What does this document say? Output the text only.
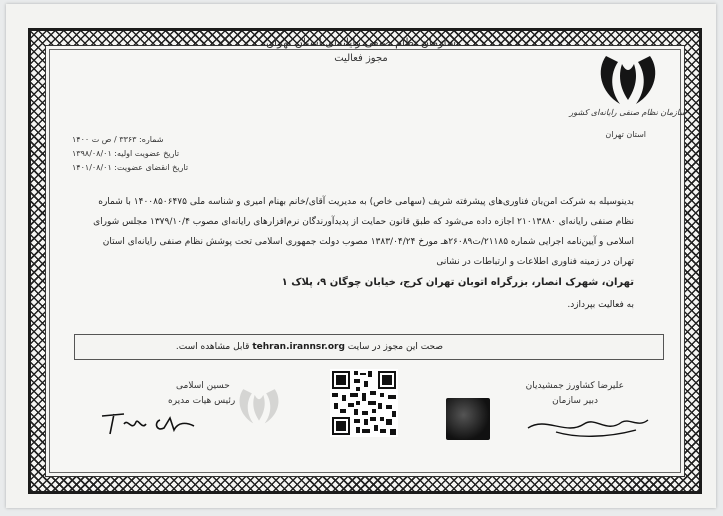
سازمان نظام صنفی رایانه‌ای استان تهران
مجوز فعالیت
سازمان نظام صنفی رایانه‌ای کشور
استان تهران
شماره: ۳۳۶۳ / ص ت ۱۴۰۰
تاریخ عضویت اولیه: ۱۳۹۸/۰۸/۰۱
تاریخ انقضای عضویت: ۱۴۰۱/۰۸/۰۱
بدینوسیله به شرکت امن‌بان فناوری‌های پیشرفته شریف (سهامی خاص) به مدیریت آقای/خانم بهنام امیری و شناسه ملی ۱۴۰۰۸۵۰۶۴۷۵ با شماره
نظام صنفی رایانه‌ای ۲۱۰۱۳۸۸۰ اجازه داده می‌شود که طبق قانون حمایت از پدیدآورندگان نرم‌افزارهای رایانه‌ای مصوب ۱۳۷۹/۱۰/۴ مجلس شورای
اسلامی و آیین‌نامه اجرایی شماره ۲۱۱۸۵/ت۲۶۰۸۹هـ مورخ ۱۳۸۳/۰۴/۲۴ مصوب دولت جمهوری اسلامی تحت پوشش نظام صنفی رایانه‌ای استان
تهران در زمینه فناوری اطلاعات و ارتباطات در نشانی
تهران، شهرک انصار، بزرگراه اتوبان تهران کرج، خیابان چوگان ۹، پلاک ۱
به فعالیت بپردازد.
صحت این مجوز در سایت tehran.irannsr.org قابل مشاهده است.
حسین اسلامی
رئیس هیات مدیره
علیرضا کشاورز جمشیدیان
دبیر سازمان
